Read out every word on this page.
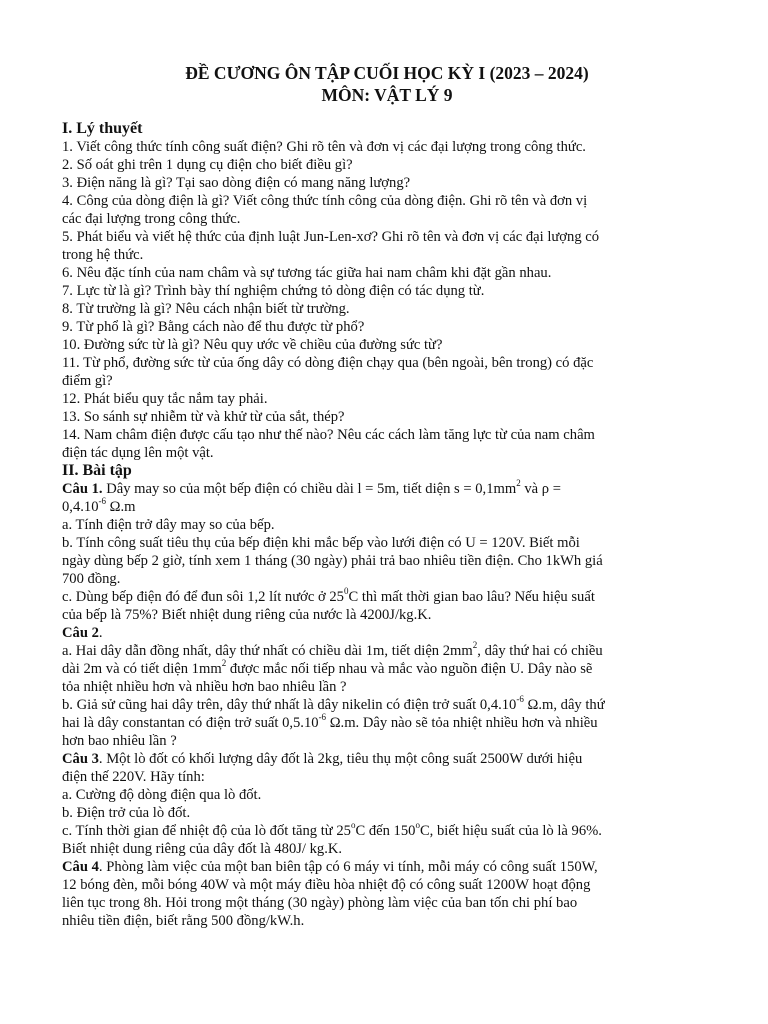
ĐỀ CƯƠNG ÔN TẬP CUỐI HỌC KỲ I (2023 – 2024)

MÔN: VẬT LÝ 9

I. Lý thuyết

1. Viết công thức tính công suất điện? Ghi rõ tên và đơn vị các đại lượng trong công thức.

2. Số oát ghi trên 1 dụng cụ điện cho biết điều gì?

3. Điện năng là gì? Tại sao dòng điện có mang năng lượng?

4. Công của dòng điện là gì? Viết công thức tính công của dòng điện. Ghi rõ tên và đơn vị

các đại lượng trong công thức.

5. Phát biểu và viết hệ thức của định luật Jun-Len-xơ? Ghi rõ tên và đơn vị các đại lượng có

trong hệ thức.

6. Nêu đặc tính của nam châm và sự tương tác giữa hai nam châm khi đặt gần nhau.

7. Lực từ là gì? Trình bày thí nghiệm chứng tỏ dòng điện có tác dụng từ.

8. Từ trường là gì? Nêu cách nhận biết từ trường.

9. Từ phổ là gì? Bằng cách nào để thu được từ phổ?

10. Đường sức từ là gì? Nêu quy ước về chiều của đường sức từ?

11. Từ phổ, đường sức từ của ống dây có dòng điện chạy qua (bên ngoài, bên trong) có đặc

điểm gì?

12. Phát biểu quy tắc nắm tay phải.

13. So sánh sự nhiễm từ và khử từ của sắt, thép?

14. Nam châm điện được cấu tạo như thế nào? Nêu các cách làm tăng lực từ của nam châm

điện tác dụng lên một vật.

II. Bài tập

Câu 1. Dây may so của một bếp điện có chiều dài l = 5m, tiết diện $s = 0,1mm^2$ và ρ =

$0,4.10^{-6}$ Ω.m

a. Tính điện trở dây may so của bếp.

b. Tính công suất tiêu thụ của bếp điện khi mắc bếp vào lưới điện có U = 120V. Biết mỗi

ngày dùng bếp 2 giờ, tính xem 1 tháng (30 ngày) phải trả bao nhiêu tiền điện. Cho 1kWh giá

700 đồng.

c. Dùng bếp điện đó để đun sôi 1,2 lít nước ở $25^0C$ thì mất thời gian bao lâu? Nếu hiệu suất

của bếp là 75%? Biết nhiệt dung riêng của nước là 4200J/kg.K.

Câu 2.

a. Hai dây dẫn đồng nhất, dây thứ nhất có chiều dài 1m, tiết diện $2mm^2$, dây thứ hai có chiều

dài 2m và có tiết diện $1mm^2$ được mắc nối tiếp nhau và mắc vào nguồn điện U. Dây nào sẽ

tỏa nhiệt nhiều hơn và nhiều hơn bao nhiêu lần ?

b. Giả sử cũng hai dây trên, dây thứ nhất là dây nikelin có điện trở suất $0,4.10^{-6}$ Ω.m, dây thứ

hai là dây constantan có điện trở suất $0,5.10^{-6}$ Ω.m. Dây nào sẽ tỏa nhiệt nhiều hơn và nhiều

hơn bao nhiêu lần ?

Câu 3. Một lò đốt có khối lượng dây đốt là 2kg, tiêu thụ một công suất 2500W dưới hiệu

điện thế 220V. Hãy tính:

a. Cường độ dòng điện qua lò đốt.

b. Điện trở của lò đốt.

c. Tính thời gian để nhiệt độ của lò đốt tăng từ 25$^o$C đến 150$^o$C, biết hiệu suất của lò là 96%.

Biết nhiệt dung riêng của dây đốt là 480J/ kg.K.

Câu 4. Phòng làm việc của một ban biên tập có 6 máy vi tính, mỗi máy có công suất 150W,

12 bóng đèn, mỗi bóng 40W và một máy điều hòa nhiệt độ có công suất 1200W hoạt động

liên tục trong 8h. Hỏi trong một tháng (30 ngày) phòng làm việc của ban tốn chi phí bao

nhiêu tiền điện, biết rằng 500 đồng/kW.h.
